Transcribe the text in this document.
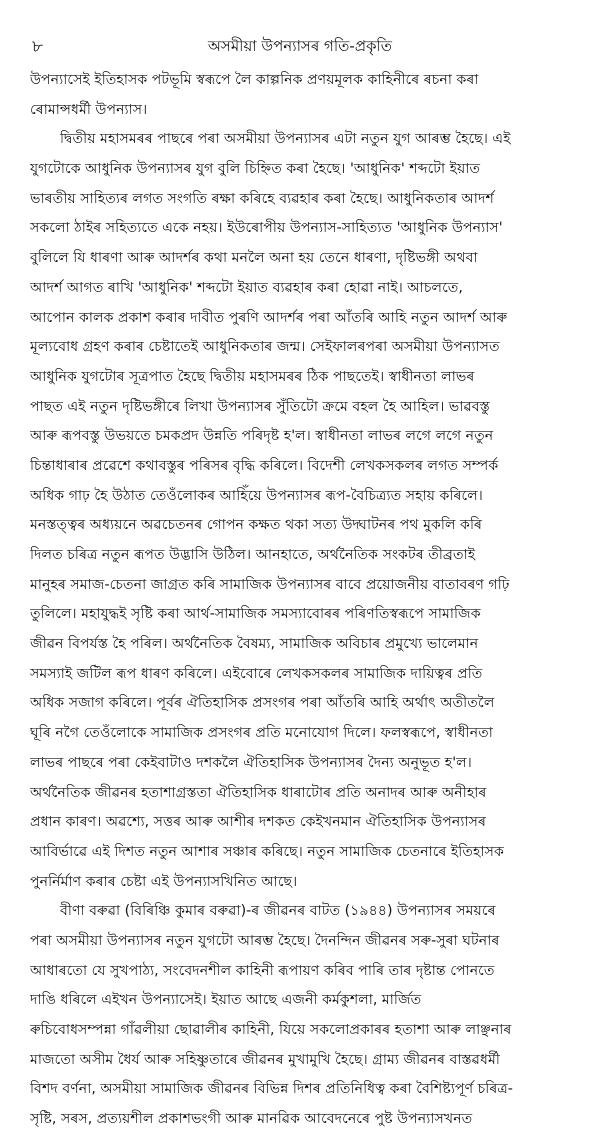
৮	অসমীয়া উপন্যাসৰ গতি-প্ৰকৃতি
উপন্যাসেই ইতিহাসক পটভূমি স্বৰূপে লৈ কাল্পনিক প্ৰণয়মূলক কাহিনীৰে ৰচনা কৰা
ৰোমান্সধৰ্মী উপন্যাস।
দ্বিতীয় মহাসমৰৰ পাছৰে পৰা অসমীয়া উপন্যাসৰ এটা নতুন যুগ আৰম্ভ হৈছে। এই
যুগটোকে আধুনিক উপন্যাসৰ যুগ বুলি চিহ্নিত কৰা হৈছে। 'আধুনিক' শব্দটো ইয়াত
ভাৰতীয় সাহিত্যৰ লগত সংগতি ৰক্ষা কৰিহে ব্যৱহাৰ কৰা হৈছে। আধুনিকতাৰ আদৰ্শ
সকলো ঠাইৰ সহিত্যতে একে নহয়। ইউৰোপীয় উপন্যাস-সাহিত্যত 'আধুনিক উপন্যাস'
বুলিলে যি ধাৰণা আৰু আদৰ্শৰ কথা মনলৈ অনা হয় তেনে ধাৰণা, দৃষ্টিভঙ্গী অথবা
আদৰ্শ আগত ৰাখি 'আধুনিক' শব্দটো ইয়াত ব্যৱহাৰ কৰা হোৱা নাই। আচলতে,
আপোন কালক প্ৰকাশ কৰাৰ দাবীত পুৰণি আদৰ্শৰ পৰা আঁতৰি আহি নতুন আদৰ্শ আৰু
মূল্যবোধ গ্ৰহণ কৰাৰ চেষ্টাতেই আধুনিকতাৰ জন্ম। সেইফালৰপৰা অসমীয়া উপন্যাসত
আধুনিক যুগটোৰ সূত্ৰপাত হৈছে দ্বিতীয় মহাসমৰৰ ঠিক পাছতেই। স্বাধীনতা লাভৰ
পাছত এই নতুন দৃষ্টিভঙ্গীৰে লিখা উপন্যাসৰ সুঁতিটো ক্ৰমে বহল হৈ আহিল। ভাৱবস্তু
আৰু ৰূপবস্তু উভয়তে চমকপ্ৰদ উন্নতি পৰিদৃষ্ট হ'ল। স্বাধীনতা লাভৰ লগে লগে নতুন
চিন্তাধাৰাৰ প্ৰৱেশে কথাবস্তুৰ পৰিসৰ বৃদ্ধি কৰিলে। বিদেশী লেখকসকলৰ লগত সম্পৰ্ক
অধিক গাঢ় হৈ উঠাত তেওঁলোকৰ আহিঁয়ে উপন্যাসৰ ৰূপ-বৈচিত্ৰ্যত সহায় কৰিলে।
মনস্তত্ত্বৰ অধ্যয়নে অৱচেতনৰ গোপন কক্ষত থকা সত্য উদ্ঘাটনৰ পথ মুকলি কৰি
দিলত চৰিত্ৰ নতুন ৰূপত উদ্ভাসি উঠিল। আনহাতে, অৰ্থনৈতিক সংকটৰ তীব্ৰতাই
মানুহৰ সমাজ-চেতনা জাগ্ৰত কৰি সামাজিক উপন্যাসৰ বাবে প্ৰয়োজনীয় বাতাবৰণ গঢ়ি
তুলিলে। মহাযুদ্ধই সৃষ্টি কৰা আৰ্থ-সামাজিক সমস্যাবোৰৰ পৰিণতিস্বৰূপে সামাজিক
জীৱন বিপৰ্যস্ত হৈ পৰিল। অৰ্থনৈতিক বৈষম্য, সামাজিক অবিচাৰ প্ৰমুখ্যে ভালেমান
সমস্যাই জটিল ৰূপ ধাৰণ কৰিলে। এইবোৰে লেখকসকলৰ সামাজিক দায়িত্বৰ প্ৰতি
অধিক সজাগ কৰিলে। পূৰ্বৰ ঐতিহাসিক প্ৰসংগৰ পৰা আঁতৰি আহি অৰ্থাৎ অতীতলৈ
ঘূৰি নগৈ তেওঁলোকে সামাজিক প্ৰসংগৰ প্ৰতি মনোযোগ দিলে। ফলস্বৰূপে, স্বাধীনতা
লাভৰ পাছৰে পৰা কেইবাটাও দশকলৈ ঐতিহাসিক উপন্যাসৰ দৈন্য অনুভূত হ'ল।
অৰ্থনৈতিক জীৱনৰ হতাশাগ্ৰস্ততা ঐতিহাসিক ধাৰাটোৰ প্ৰতি অনাদৰ আৰু অনীহাৰ
প্ৰধান কাৰণ। অৱশ্যে, সত্তৰ আৰু আশীৰ দশকত কেইখনমান ঐতিহাসিক উপন্যাসৰ
আবিৰ্ভাৱে এই দিশত নতুন আশাৰ সঞ্চাৰ কৰিছে। নতুন সামাজিক চেতনাৰে ইতিহাসক
পুনৰ্নিৰ্মাণ কৰাৰ চেষ্টা এই উপন্যাসখিনিত আছে।
বীণা বৰুৱা (বিৰিঞ্চি কুমাৰ বৰুৱা)-ৰ জীৱনৰ বাটত (১৯৪৪) উপন্যাসৰ সময়ৰে
পৰা অসমীয়া উপন্যাসৰ নতুন যুগটো আৰম্ভ হৈছে। দৈনন্দিন জীৱনৰ সৰু-সুৰা ঘটনাৰ
আধাৰতো যে সুখপাঠ্য, সংবেদনশীল কাহিনী ৰূপায়ণ কৰিব পাৰি তাৰ দৃষ্টান্ত পোনতে
দাঙি ধৰিলে এইখন উপন্যাসেই। ইয়াত আছে এজনী কৰ্মকুশলা, মাৰ্জিত
ৰুচিবোধসম্পন্না গাঁৱলীয়া ছোৱালীৰ কাহিনী, যিয়ে সকলোপ্ৰকাৰৰ হতাশা আৰু লাঞ্ছনাৰ
মাজতো অসীম ধৈৰ্য আৰু সহিষ্ণুতাৰে জীৱনৰ মুখামুখি হৈছে। গ্ৰাম্য জীৱনৰ বাস্তৱধৰ্মী
বিশদ বৰ্ণনা, অসমীয়া সামাজিক জীৱনৰ বিভিন্ন দিশৰ প্ৰতিনিধিত্ব কৰা বৈশিষ্ট্যপূৰ্ণ চৰিত্ৰ-
সৃষ্টি, সৰস, প্ৰত্যয়শীল প্ৰকাশভংগী আৰু মানৱিক আবেদনেৰে পুষ্ট উপন্যাসখনত
